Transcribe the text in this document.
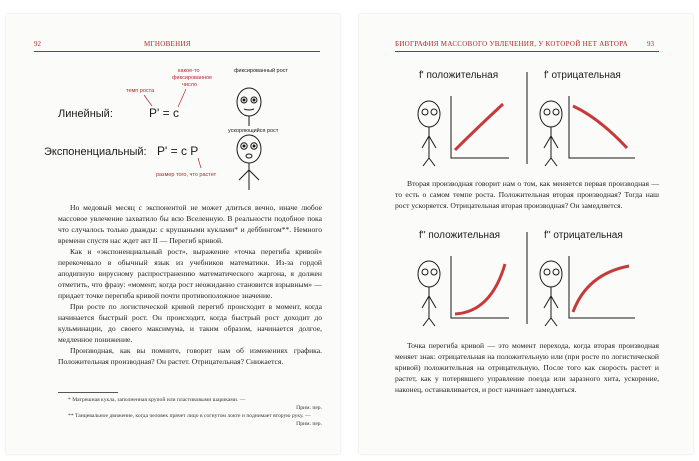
92	МГНОВЕНИЯ
Линейный:	P' = c
Экспоненциальный: P' = c P
темп роста
какое-то
фиксированное
число
размер того, что растет
фиксированный рост
ускоряющийся рост

Но медовый месяц с экспонентой не может длиться вечно, иначе любое массовое увлечение захватило бы всю Вселенную. В реальности подобное пока что случалось только дважды: с крушаными куклами* и деббингом**. Немного времени спустя нас ждет акт II — Перегиб кривой.

Как и «экспоненциальный рост», выражение «точка перегиба кривой» перекочевало в обычный язык из учебников математики. Из-за гордой аподипную вирусному распространению математического жаргона, я должен отметить, что фразу: «момент, когда рост неожиданно становится взрывным» — придает точке перегиба кривой почти противоположное значение.

При росте по логистической кривой перегиб происходит в момент, когда начинается быстрый рост. Он происходит, когда быстрый рост доходит до кульминации, до своего максимума, и таким образом, начинается долгое, медленное понижение.

Производная, как вы помните, говорит нам об изменениях графика. Положительная производная? Он растет. Отрицательная? Снижается.

* Матрешная кукла, заполненная крупой или пластиковыми шариками. —

Прим. пер.

** Танцевальное движение, когда человек прячет лицо в согнутом локте и поднимает вторую руку. —

Прим. пер.
БИОГРАФИЯ МАССОВОГО УВЛЕЧЕНИЯ, У КОТОРОЙ НЕТ АВТОРА	93
f' положительная	f' отрицательная

Вторая производная говорит нам о том, как меняется первая производная — то есть о самом темпе роста. Положительная вторая производная? Тогда наш рост ускоряется. Отрицательная вторая производная? Он замедляется.

f'' положительная	f'' отрицательная

Точка перегиба кривой — это момент перехода, когда вторая производная меняет знак: отрицательная на положительную или (при росте по логистической кривой) положительная на отрицательную. После того как скорость растет и растет, как у потерявшего управление поезда или заразного хита, ускорение, наконец, останавливается, и рост начинает замедляться.
